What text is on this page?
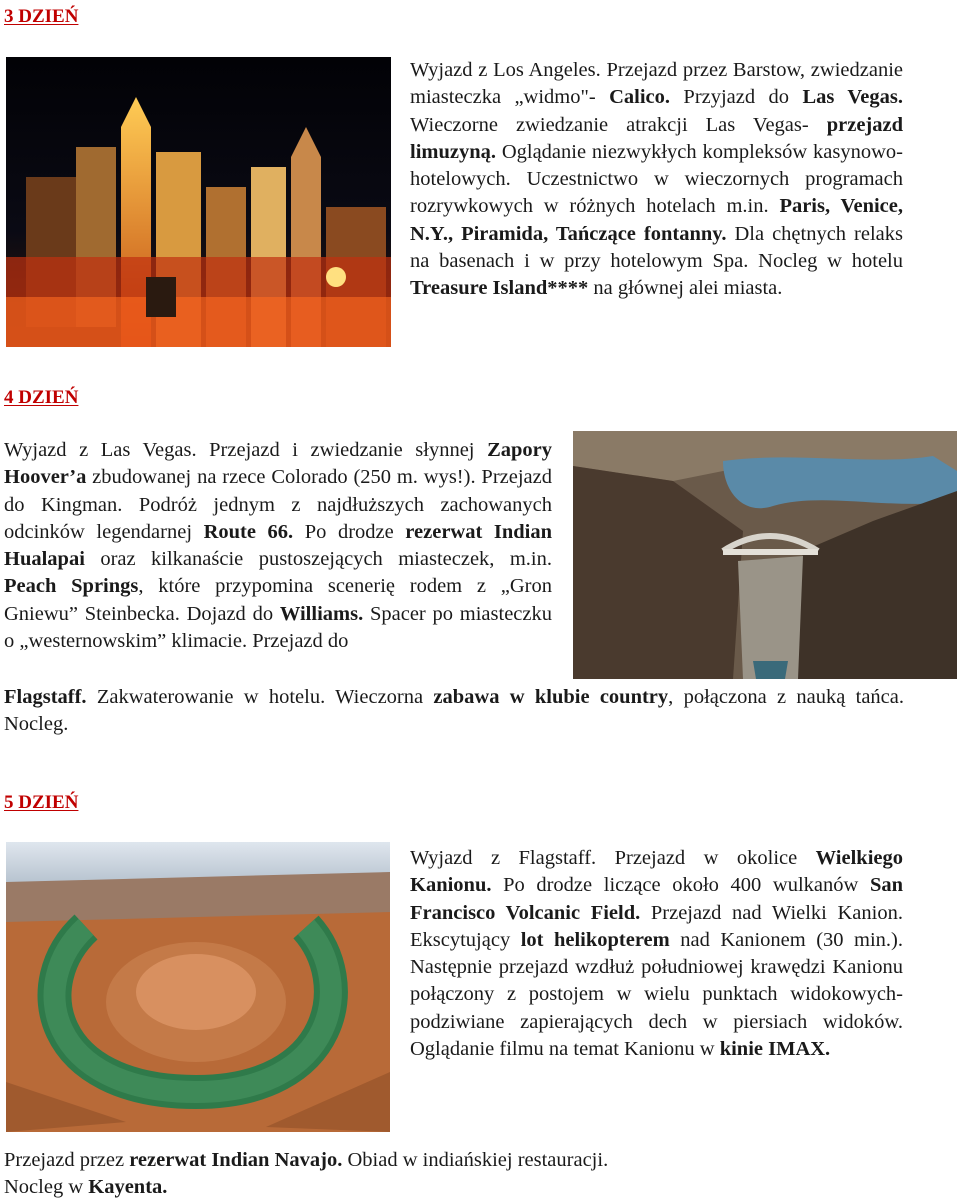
3 DZIEŃ

Wyjazd z Los Angeles. Przejazd przez Barstow, zwiedzanie miasteczka „widmo"- Calico. Przyjazd do Las Vegas. Wieczorne zwiedzanie atrakcji Las Vegas- przejazd limuzyną. Oglądanie niezwykłych kompleksów kasynowo-hotelowych. Uczestnictwo w wieczornych programach rozrywkowych w różnych hotelach m.in. Paris, Venice, N.Y., Piramida, Tańczące fontanny. Dla chętnych relaks na basenach i w przy hotelowym Spa. Nocleg w hotelu Treasure Island**** na głównej alei miasta.

4 DZIEŃ

Wyjazd z Las Vegas. Przejazd i zwiedzanie słynnej Zapory Hoover’a zbudowanej na rzece Colorado (250 m. wys!). Przejazd do Kingman. Podróż jednym z najdłuższych zachowanych odcinków legendarnej Route 66. Po drodze rezerwat Indian Hualapai oraz kilkanaście pustoszejących miasteczek, m.in. Peach Springs, które przypomina scenerię rodem z „Gron Gniewu” Steinbecka. Dojazd do Williams. Spacer po miasteczku o „westernowskim” klimacie. Przejazd do

Flagstaff. Zakwaterowanie w hotelu. Wieczorna zabawa w klubie country, połączona z nauką tańca. Nocleg.

5 DZIEŃ

Wyjazd z Flagstaff. Przejazd w okolice Wielkiego Kanionu. Po drodze liczące około 400 wulkanów San Francisco Volcanic Field. Przejazd nad Wielki Kanion. Ekscytujący lot helikopterem nad Kanionem (30 min.). Następnie przejazd wzdłuż południowej krawędzi Kanionu połączony z postojem w wielu punktach widokowych- podziwiane zapierających dech w piersiach widoków. Oglądanie filmu na temat Kanionu w kinie IMAX.

Przejazd przez rezerwat Indian Navajo. Obiad w indiańskiej restauracji.

Nocleg w Kayenta.
